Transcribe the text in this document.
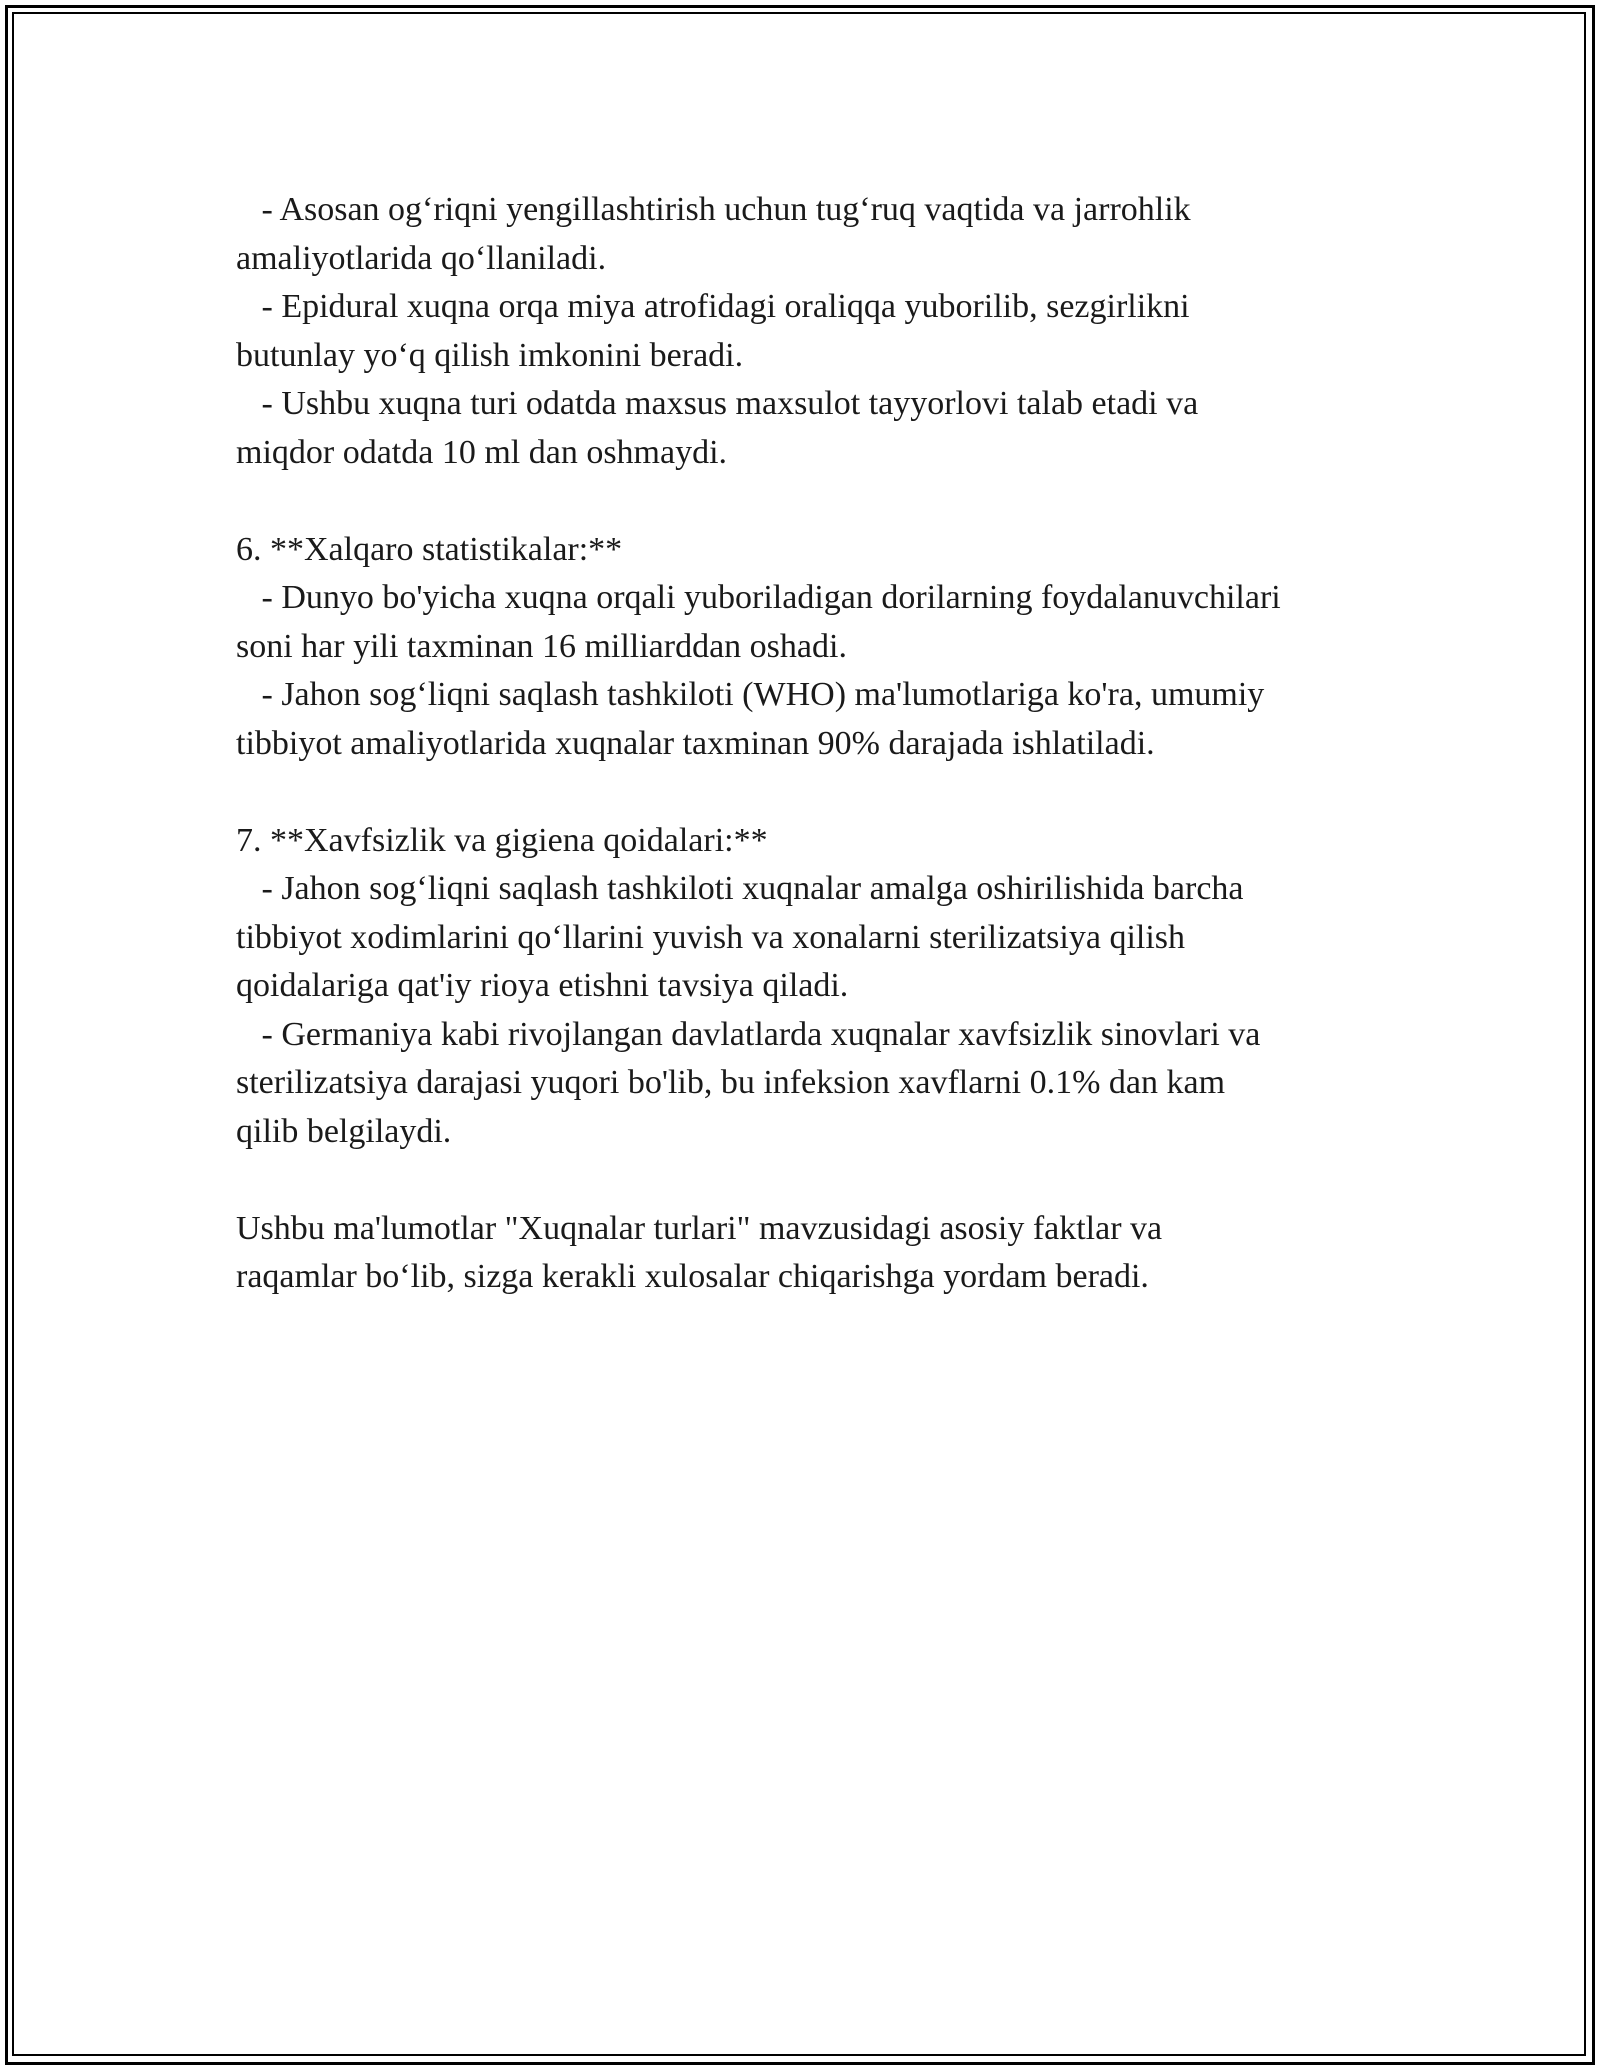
- Asosan og‘riqni yengillashtirish uchun tug‘ruq vaqtida va jarrohlik

amaliyotlarida qo‘llaniladi.

- Epidural xuqna orqa miya atrofidagi oraliqqa yuborilib, sezgirlikni

butunlay yo‘q qilish imkonini beradi.

- Ushbu xuqna turi odatda maxsus maxsulot tayyorlovi talab etadi va

miqdor odatda 10 ml dan oshmaydi.

6. **Xalqaro statistikalar:**

- Dunyo bo'yicha xuqna orqali yuboriladigan dorilarning foydalanuvchilari

soni har yili taxminan 16 milliarddan oshadi.

- Jahon sog‘liqni saqlash tashkiloti (WHO) ma'lumotlariga ko'ra, umumiy

tibbiyot amaliyotlarida xuqnalar taxminan 90% darajada ishlatiladi.

7. **Xavfsizlik va gigiena qoidalari:**

- Jahon sog‘liqni saqlash tashkiloti xuqnalar amalga oshirilishida barcha

tibbiyot xodimlarini qo‘llarini yuvish va xonalarni sterilizatsiya qilish

qoidalariga qat'iy rioya etishni tavsiya qiladi.

- Germaniya kabi rivojlangan davlatlarda xuqnalar xavfsizlik sinovlari va

sterilizatsiya darajasi yuqori bo'lib, bu infeksion xavflarni 0.1% dan kam

qilib belgilaydi.

Ushbu ma'lumotlar "Xuqnalar turlari" mavzusidagi asosiy faktlar va

raqamlar bo‘lib, sizga kerakli xulosalar chiqarishga yordam beradi.
